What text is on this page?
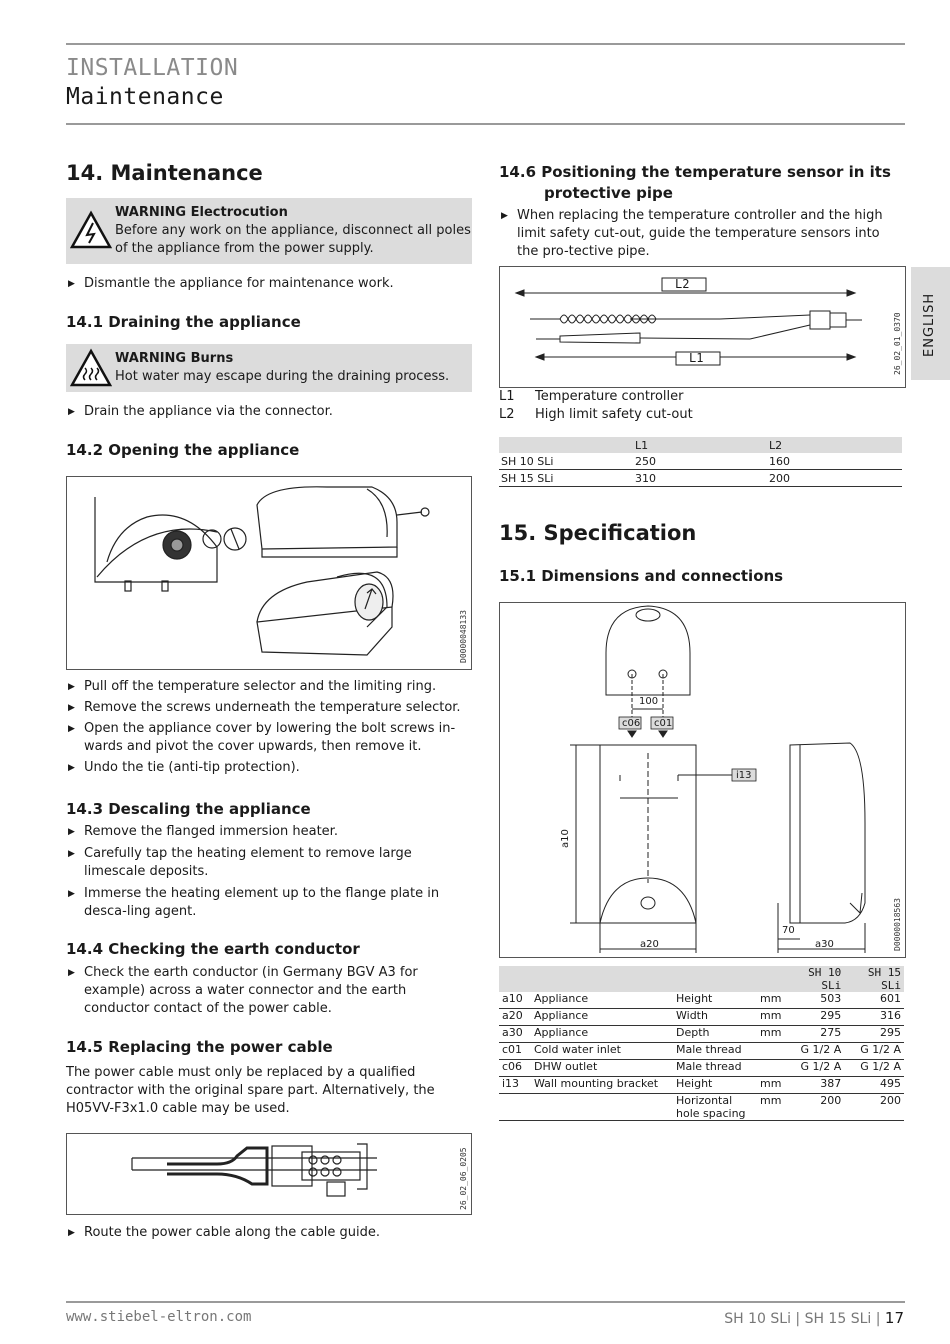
INSTALLATION
Maintenance
ENGLISH
14. Maintenance
WARNING Electrocution
Before any work on the appliance, disconnect all poles of the appliance from the power supply.

▶ Dismantle the appliance for maintenance work.

14.1 Draining the appliance
WARNING Burns
Hot water may escape during the draining process.

▶ Drain the appliance via the connector.

14.2 Opening the appliance
D0000048133

▶ Pull off the temperature selector and the limiting ring.

▶ Remove the screws underneath the temperature selector.

▶ Open the appliance cover by lowering the bolt screws in-wards and pivot the cover upwards, then remove it.

▶ Undo the tie (anti-tip protection).

14.3 Descaling the appliance

▶ Remove the flanged immersion heater.

▶ Carefully tap the heating element to remove large limescale deposits.

▶ Immerse the heating element up to the flange plate in desca-ling agent.

14.4 Checking the earth conductor

▶ Check the earth conductor (in Germany BGV A3 for example) across a water connector and the earth conductor contact of the power cable.

14.5 Replacing the power cable

The power cable must only be replaced by a qualified contractor with the original spare part. Alternatively, the H05VV-F3x1.0 cable may be used.

26_02_06_0205

▶ Route the power cable along the cable guide.

14.6 Positioning the temperature sensor in its
protective pipe

▶ When replacing the temperature controller and the high limit safety cut-out, guide the temperature sensors into the pro-tective pipe.

L2
L1	26_02_01_0370
L1 Temperature controller
L2 High limit safety cut-out
	L1	L2
SH 10 SLi	250	160
SH 15 SLi	310	200
15. Specification
15.1 Dimensions and connections
100
c06 c01
i13
a10
a20	a30
70	D0000018563
				SH 10 SLi	SH 15 SLi
a10	Appliance	Height	mm	503	601
a20	Appliance	Width	mm	295	316
a30	Appliance	Depth	mm	275	295
c01	Cold water inlet	Male thread		G 1/2 A	G 1/2 A
c06	DHW outlet	Male thread		G 1/2 A	G 1/2 A
i13	Wall mounting bracket	Height	mm	387	495
		Horizontal hole spacing	mm	200	200
www.stiebel-eltron.com	SH 10 SLi | SH 15 SLi | 17
